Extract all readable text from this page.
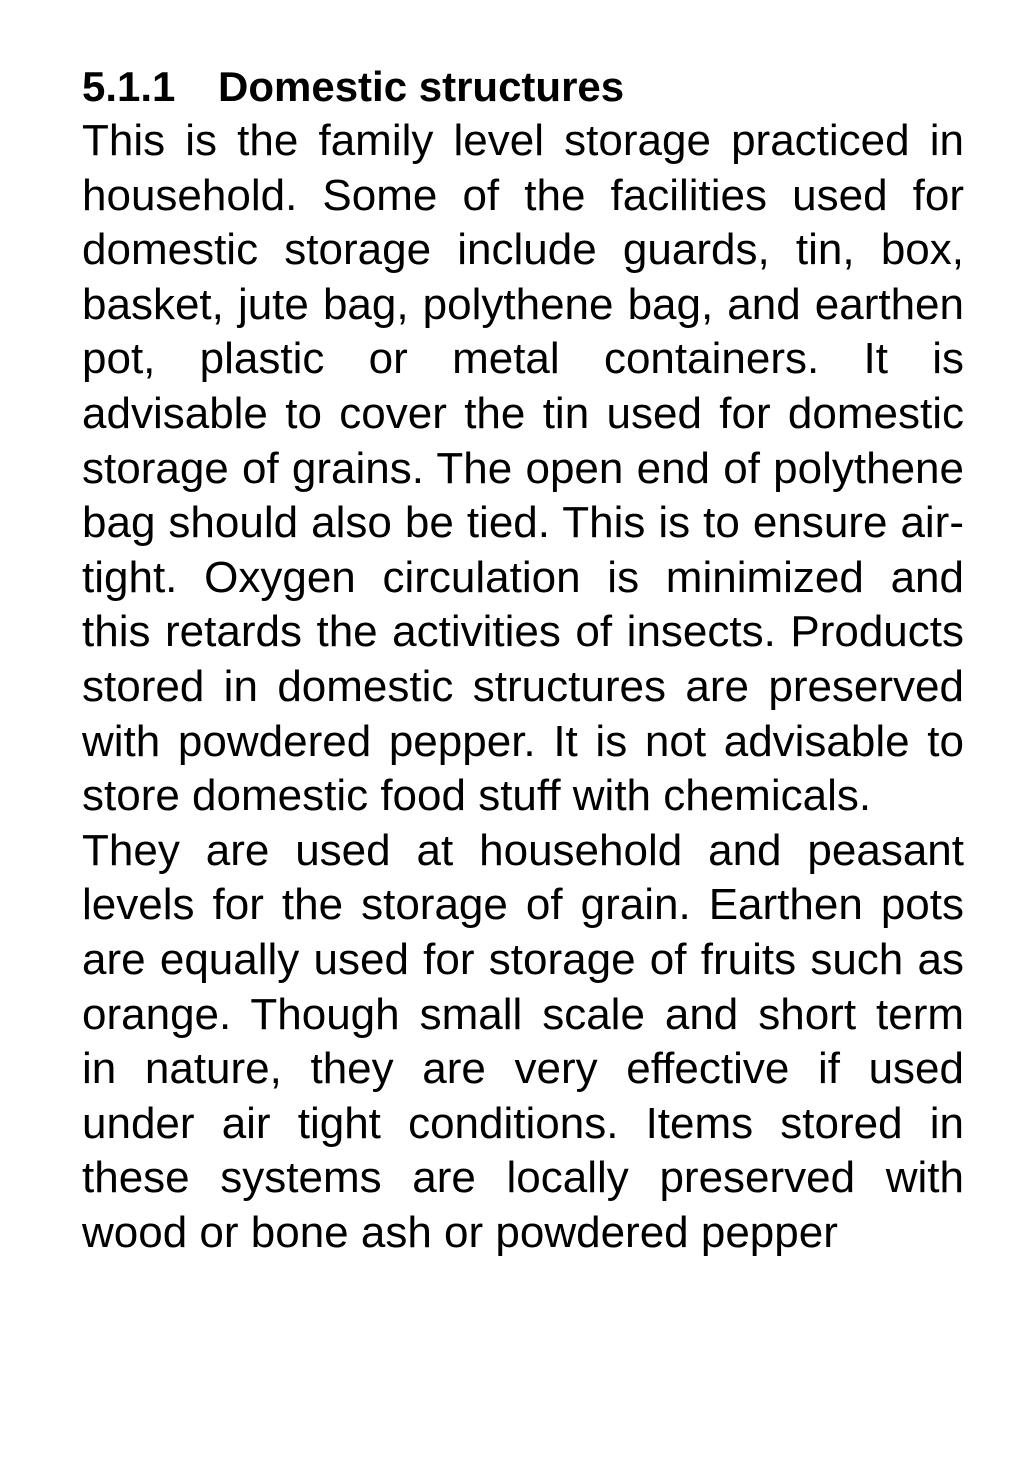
5.1.1 Domestic structures

This is the family level storage practiced in household. Some of the facilities used for domestic storage include guards, tin, box, basket, jute bag, polythene bag, and earthen pot, plastic or metal containers. It is advisable to cover the tin used for domestic storage of grains. The open end of polythene bag should also be tied. This is to ensure air-tight. Oxygen circulation is minimized and this retards the activities of insects. Products stored in domestic structures are preserved with powdered pepper. It is not advisable to store domestic food stuff with chemicals.

They are used at household and peasant levels for the storage of grain. Earthen pots are equally used for storage of fruits such as orange. Though small scale and short term in nature, they are very effective if used under air tight conditions. Items stored in these systems are locally preserved with wood or bone ash or powdered pepper
